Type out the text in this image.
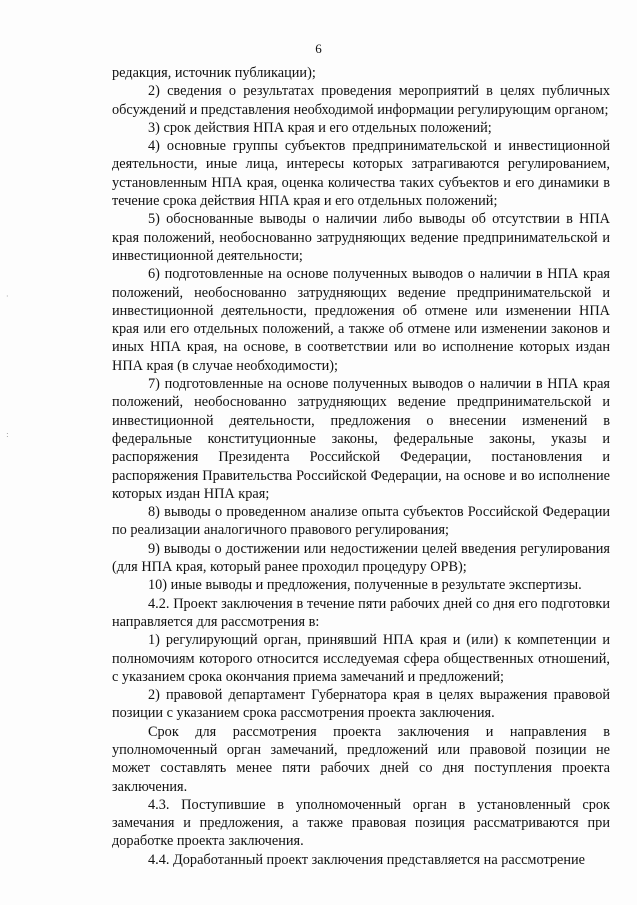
6
·
:

редакция, источник публикации);

2) сведения о результатах проведения мероприятий в целях публичных обсуждений и представления необходимой информации регулирующим органом;

3) срок действия НПА края и его отдельных положений;

4) основные группы субъектов предпринимательской и инвестиционной деятельности, иные лица, интересы которых затрагиваются регулированием, установленным НПА края, оценка количества таких субъектов и его динамики в течение срока действия НПА края и его отдельных положений;

5) обоснованные выводы о наличии либо выводы об отсутствии в НПА края положений, необоснованно затрудняющих ведение предпринимательской и инвестиционной деятельности;

6) подготовленные на основе полученных выводов о наличии в НПА края положений, необоснованно затрудняющих ведение предпринимательской и инвестиционной деятельности, предложения об отмене или изменении НПА края или его отдельных положений, а также об отмене или изменении законов и иных НПА края, на основе, в соответствии или во исполнение которых издан НПА края (в случае необходимости);

7) подготовленные на основе полученных выводов о наличии в НПА края положений, необоснованно затрудняющих ведение предпринимательской и инвестиционной деятельности, предложения о внесении изменений в федеральные конституционные законы, федеральные законы, указы и распоряжения Президента Российской Федерации, постановления и распоряжения Правительства Российской Федерации, на основе и во исполнение которых издан НПА края;

8) выводы о проведенном анализе опыта субъектов Российской Федерации по реализации аналогичного правового регулирования;

9) выводы о достижении или недостижении целей введения регулирования (для НПА края, который ранее проходил процедуру ОРВ);

10) иные выводы и предложения, полученные в результате экспертизы.

4.2. Проект заключения в течение пяти рабочих дней со дня его подготовки направляется для рассмотрения в:

1) регулирующий орган, принявший НПА края и (или) к компетенции и полномочиям которого относится исследуемая сфера общественных отношений, с указанием срока окончания приема замечаний и предложений;

2) правовой департамент Губернатора края в целях выражения правовой позиции с указанием срока рассмотрения проекта заключения.

Срок для рассмотрения проекта заключения и направления в уполномоченный орган замечаний, предложений или правовой позиции не может составлять менее пяти рабочих дней со дня поступления проекта заключения.

4.3. Поступившие в уполномоченный орган в установленный срок замечания и предложения, а также правовая позиция рассматриваются при доработке проекта заключения.

4.4. Доработанный проект заключения представляется на рассмотрение
